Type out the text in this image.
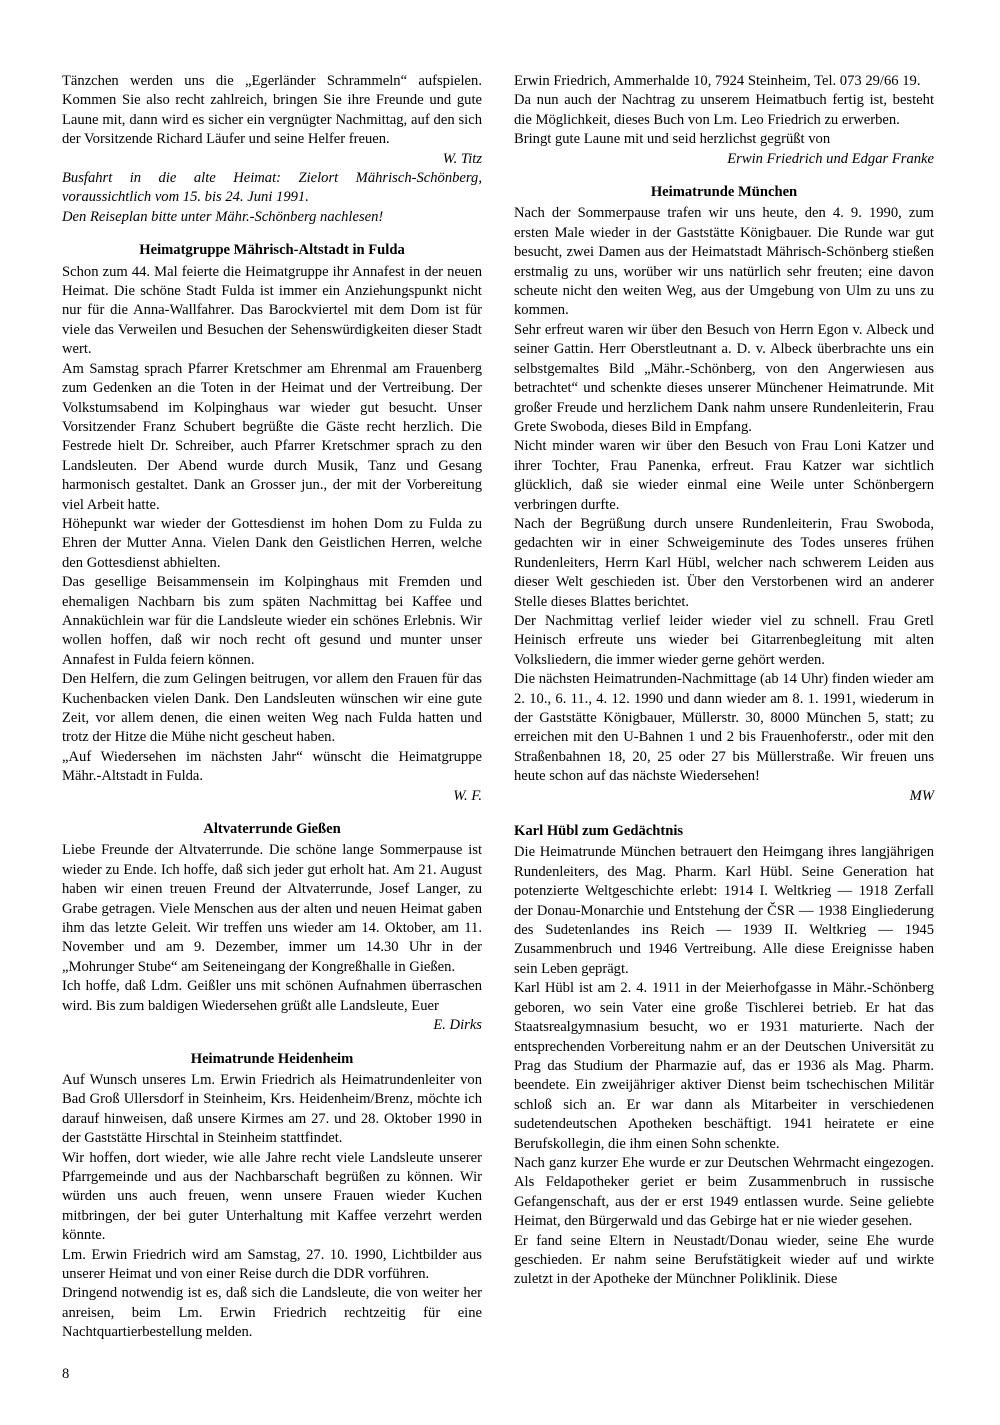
Tänzchen werden uns die „Egerländer Schrammeln“ aufspielen. Kommen Sie also recht zahlreich, bringen Sie ihre Freunde und gute Laune mit, dann wird es sicher ein vergnügter Nachmittag, auf den sich der Vorsitzende Richard Läufer und seine Helfer freuen.

W. Titz

Busfahrt in die alte Heimat: Zielort Mährisch-Schönberg, voraussichtlich vom 15. bis 24. Juni 1991.

Den Reiseplan bitte unter Mähr.-Schönberg nachlesen!

Heimatgruppe Mährisch-Altstadt in Fulda

Schon zum 44. Mal feierte die Heimatgruppe ihr Annafest in der neuen Heimat. Die schöne Stadt Fulda ist immer ein Anziehungspunkt nicht nur für die Anna-Wallfahrer. Das Barockviertel mit dem Dom ist für viele das Verweilen und Besuchen der Sehenswürdigkeiten dieser Stadt wert.

Am Samstag sprach Pfarrer Kretschmer am Ehrenmal am Frauenberg zum Gedenken an die Toten in der Heimat und der Vertreibung. Der Volkstumsabend im Kolpinghaus war wieder gut besucht. Unser Vorsitzender Franz Schubert begrüßte die Gäste recht herzlich. Die Festrede hielt Dr. Schreiber, auch Pfarrer Kretschmer sprach zu den Landsleuten. Der Abend wurde durch Musik, Tanz und Gesang harmonisch gestaltet. Dank an Grosser jun., der mit der Vorbereitung viel Arbeit hatte.

Höhepunkt war wieder der Gottesdienst im hohen Dom zu Fulda zu Ehren der Mutter Anna. Vielen Dank den Geistlichen Herren, welche den Gottesdienst abhielten.

Das gesellige Beisammensein im Kolpinghaus mit Fremden und ehemaligen Nachbarn bis zum späten Nachmittag bei Kaffee und Annaküchlein war für die Landsleute wieder ein schönes Erlebnis. Wir wollen hoffen, daß wir noch recht oft gesund und munter unser Annafest in Fulda feiern können.

Den Helfern, die zum Gelingen beitrugen, vor allem den Frauen für das Kuchenbacken vielen Dank. Den Landsleuten wünschen wir eine gute Zeit, vor allem denen, die einen weiten Weg nach Fulda hatten und trotz der Hitze die Mühe nicht gescheut haben.

„Auf Wiedersehen im nächsten Jahr“ wünscht die Heimatgruppe Mähr.-Altstadt in Fulda.

W. F.

Altvaterrunde Gießen

Liebe Freunde der Altvaterrunde. Die schöne lange Sommerpause ist wieder zu Ende. Ich hoffe, daß sich jeder gut erholt hat. Am 21. August haben wir einen treuen Freund der Altvaterrunde, Josef Langer, zu Grabe getragen. Viele Menschen aus der alten und neuen Heimat gaben ihm das letzte Geleit. Wir treffen uns wieder am 14. Oktober, am 11. November und am 9. Dezember, immer um 14.30 Uhr in der „Mohrunger Stube“ am Seiteneingang der Kongreßhalle in Gießen.

Ich hoffe, daß Ldm. Geißler uns mit schönen Aufnahmen überraschen wird. Bis zum baldigen Wiedersehen grüßt alle Landsleute, Euer

E. Dirks

Heimatrunde Heidenheim

Auf Wunsch unseres Lm. Erwin Friedrich als Heimatrundenleiter von Bad Groß Ullersdorf in Steinheim, Krs. Heidenheim/Brenz, möchte ich darauf hinweisen, daß unsere Kirmes am 27. und 28. Oktober 1990 in der Gaststätte Hirschtal in Steinheim stattfindet.

Wir hoffen, dort wieder, wie alle Jahre recht viele Landsleute unserer Pfarrgemeinde und aus der Nachbarschaft begrüßen zu können. Wir würden uns auch freuen, wenn unsere Frauen wieder Kuchen mitbringen, der bei guter Unterhaltung mit Kaffee verzehrt werden könnte.

Lm. Erwin Friedrich wird am Samstag, 27. 10. 1990, Lichtbilder aus unserer Heimat und von einer Reise durch die DDR vorführen.

Dringend notwendig ist es, daß sich die Landsleute, die von weiter her anreisen, beim Lm. Erwin Friedrich rechtzeitig für eine Nachtquartierbestellung melden.

Erwin Friedrich, Ammerhalde 10, 7924 Steinheim, Tel. 073 29/66 19.

Da nun auch der Nachtrag zu unserem Heimatbuch fertig ist, besteht die Möglichkeit, dieses Buch von Lm. Leo Friedrich zu erwerben.

Bringt gute Laune mit und seid herzlichst gegrüßt von

Erwin Friedrich und Edgar Franke

Heimatrunde München

Nach der Sommerpause trafen wir uns heute, den 4. 9. 1990, zum ersten Male wieder in der Gaststätte Königbauer. Die Runde war gut besucht, zwei Damen aus der Heimatstadt Mährisch-Schönberg stießen erstmalig zu uns, worüber wir uns natürlich sehr freuten; eine davon scheute nicht den weiten Weg, aus der Umgebung von Ulm zu uns zu kommen.

Sehr erfreut waren wir über den Besuch von Herrn Egon v. Albeck und seiner Gattin. Herr Oberstleutnant a. D. v. Albeck überbrachte uns ein selbstgemaltes Bild „Mähr.-Schönberg, von den Angerwiesen aus betrachtet“ und schenkte dieses unserer Münchener Heimatrunde. Mit großer Freude und herzlichem Dank nahm unsere Rundenleiterin, Frau Grete Swoboda, dieses Bild in Empfang.

Nicht minder waren wir über den Besuch von Frau Loni Katzer und ihrer Tochter, Frau Panenka, erfreut. Frau Katzer war sichtlich glücklich, daß sie wieder einmal eine Weile unter Schönbergern verbringen durfte.

Nach der Begrüßung durch unsere Rundenleiterin, Frau Swoboda, gedachten wir in einer Schweigeminute des Todes unseres frühen Rundenleiters, Herrn Karl Hübl, welcher nach schwerem Leiden aus dieser Welt geschieden ist. Über den Verstorbenen wird an anderer Stelle dieses Blattes berichtet.

Der Nachmittag verlief leider wieder viel zu schnell. Frau Gretl Heinisch erfreute uns wieder bei Gitarrenbegleitung mit alten Volksliedern, die immer wieder gerne gehört werden.

Die nächsten Heimatrunden-Nachmittage (ab 14 Uhr) finden wieder am 2. 10., 6. 11., 4. 12. 1990 und dann wieder am 8. 1. 1991, wiederum in der Gaststätte Königbauer, Müllerstr. 30, 8000 München 5, statt; zu erreichen mit den U-Bahnen 1 und 2 bis Frauenhoferstr., oder mit den Straßenbahnen 18, 20, 25 oder 27 bis Müllerstraße. Wir freuen uns heute schon auf das nächste Wiedersehen!

MW

Karl Hübl zum Gedächtnis

Die Heimatrunde München betrauert den Heimgang ihres langjährigen Rundenleiters, des Mag. Pharm. Karl Hübl. Seine Generation hat potenzierte Weltgeschichte erlebt: 1914 I. Weltkrieg — 1918 Zerfall der Donau-Monarchie und Entstehung der ČSR — 1938 Eingliederung des Sudetenlandes ins Reich — 1939 II. Weltkrieg — 1945 Zusammenbruch und 1946 Vertreibung. Alle diese Ereignisse haben sein Leben geprägt.

Karl Hübl ist am 2. 4. 1911 in der Meierhofgasse in Mähr.-Schönberg geboren, wo sein Vater eine große Tischlerei betrieb. Er hat das Staatsrealgymnasium besucht, wo er 1931 maturierte. Nach der entsprechenden Vorbereitung nahm er an der Deutschen Universität zu Prag das Studium der Pharmazie auf, das er 1936 als Mag. Pharm. beendete. Ein zweijähriger aktiver Dienst beim tschechischen Militär schloß sich an. Er war dann als Mitarbeiter in verschiedenen sudetendeutschen Apotheken beschäftigt. 1941 heiratete er eine Berufskollegin, die ihm einen Sohn schenkte.

Nach ganz kurzer Ehe wurde er zur Deutschen Wehrmacht eingezogen. Als Feldapotheker geriet er beim Zusammenbruch in russische Gefangenschaft, aus der er erst 1949 entlassen wurde. Seine geliebte Heimat, den Bürgerwald und das Gebirge hat er nie wieder gesehen.

Er fand seine Eltern in Neustadt/Donau wieder, seine Ehe wurde geschieden. Er nahm seine Berufstätigkeit wieder auf und wirkte zuletzt in der Apotheke der Münchner Poliklinik. Diese

8
